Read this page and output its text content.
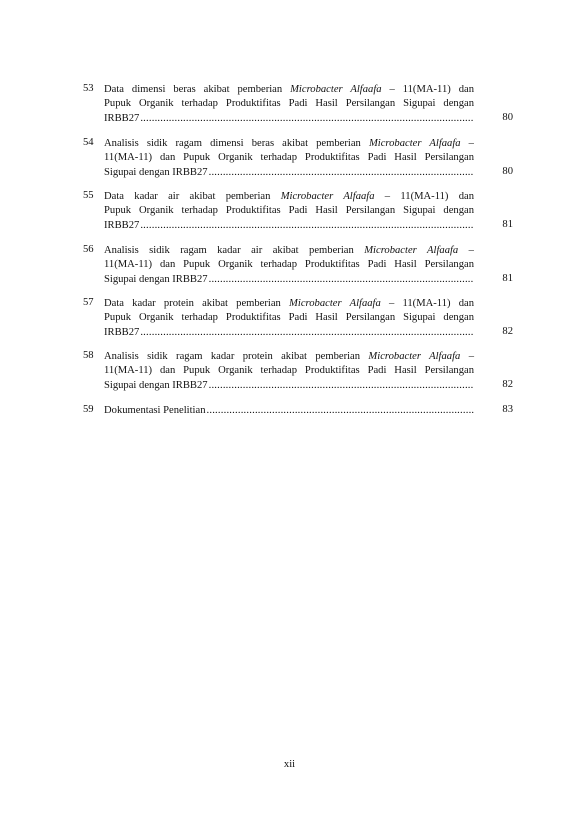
53 Data dimensi beras akibat pemberian Microbacter Alfaafa – 11(MA-11) dan
Pupuk Organik terhadap Produktifitas Padi Hasil Persilangan Sigupai dengan
IRBB27 .....	80
54 Analisis sidik ragam dimensi beras akibat pemberian Microbacter Alfaafa –
11(MA-11) dan Pupuk Organik terhadap Produktifitas Padi Hasil Persilangan
Sigupai dengan IRBB27 .....	80
55 Data kadar air akibat pemberian Microbacter Alfaafa – 11(MA-11) dan
Pupuk Organik terhadap Produktifitas Padi Hasil Persilangan Sigupai dengan
IRBB27 .....	81
56 Analisis sidik ragam kadar air akibat pemberian Microbacter Alfaafa –
11(MA-11) dan Pupuk Organik terhadap Produktifitas Padi Hasil Persilangan
Sigupai dengan IRBB27 .....	81
57 Data kadar protein akibat pemberian Microbacter Alfaafa – 11(MA-11) dan
Pupuk Organik terhadap Produktifitas Padi Hasil Persilangan Sigupai dengan
IRBB27 .....	82
58 Analisis sidik ragam kadar protein akibat pemberian Microbacter Alfaafa –
11(MA-11) dan Pupuk Organik terhadap Produktifitas Padi Hasil Persilangan
Sigupai dengan IRBB27 .....	82
59 Dokumentasi Penelitian .....	83
xii
